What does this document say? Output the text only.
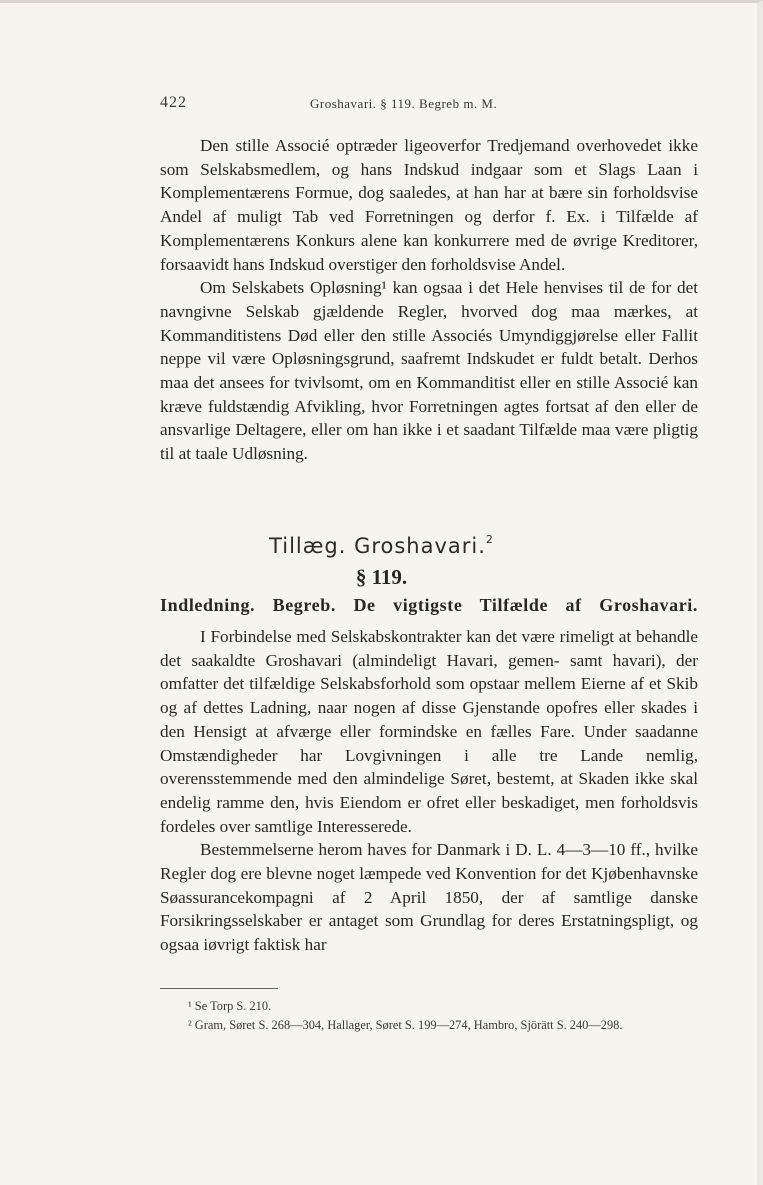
422	Groshavari. § 119. Begreb m. M.

Den stille Associé optræder ligeoverfor Tredjemand overhovedet ikke som Selskabsmedlem, og hans Indskud indgaar som et Slags Laan i Komplementærens Formue, dog saaledes, at han har at bære sin forholdsvise Andel af muligt Tab ved Forretningen og derfor f. Ex. i Tilfælde af Komplementærens Konkurs alene kan konkurrere med de øvrige Kreditorer, forsaavidt hans Indskud overstiger den forholdsvise Andel.

Om Selskabets Opløsning¹ kan ogsaa i det Hele henvises til de for det navngivne Selskab gjældende Regler, hvorved dog maa mærkes, at Kommanditistens Død eller den stille Associés Umyndiggjørelse eller Fallit neppe vil være Opløsningsgrund, saafremt Indskudet er fuldt betalt. Derhos maa det ansees for tvivlsomt, om en Kommanditist eller en stille Associé kan kræve fuldstændig Afvikling, hvor Forretningen agtes fortsat af den eller de ansvarlige Deltagere, eller om han ikke i et saadant Tilfælde maa være pligtig til at taale Udløsning.

Tillæg. Groshavari.$^2$
§ 119.
Indledning. Begreb. De vigtigste Tilfælde af Groshavari.

I Forbindelse med Selskabskontrakter kan det være rimeligt at behandle det saakaldte Groshavari (almindeligt Havari, gemen- samt havari), der omfatter det tilfældige Selskabsforhold som opstaar mellem Eierne af et Skib og af dettes Ladning, naar nogen af disse Gjenstande opofres eller skades i den Hensigt at afværge eller formindske en fælles Fare. Under saadanne Omstændigheder har Lovgivningen i alle tre Lande nemlig, overensstemmende med den almindelige Søret, bestemt, at Skaden ikke skal endelig ramme den, hvis Eiendom er ofret eller beskadiget, men forholdsvis fordeles over samtlige Interesserede.

Bestemmelserne herom haves for Danmark i D. L. 4—3—10 ff., hvilke Regler dog ere blevne noget læmpede ved Konvention for det Kjøbenhavnske Søassurancekompagni af 2 April 1850, der af samtlige danske Forsikringsselskaber er antaget som Grundlag for deres Erstatningspligt, og ogsaa iøvrigt faktisk har

¹ Se Torp S. 210.
² Gram, Søret S. 268—304, Hallager, Søret S. 199—274, Hambro, Sjörätt S. 240—298.
